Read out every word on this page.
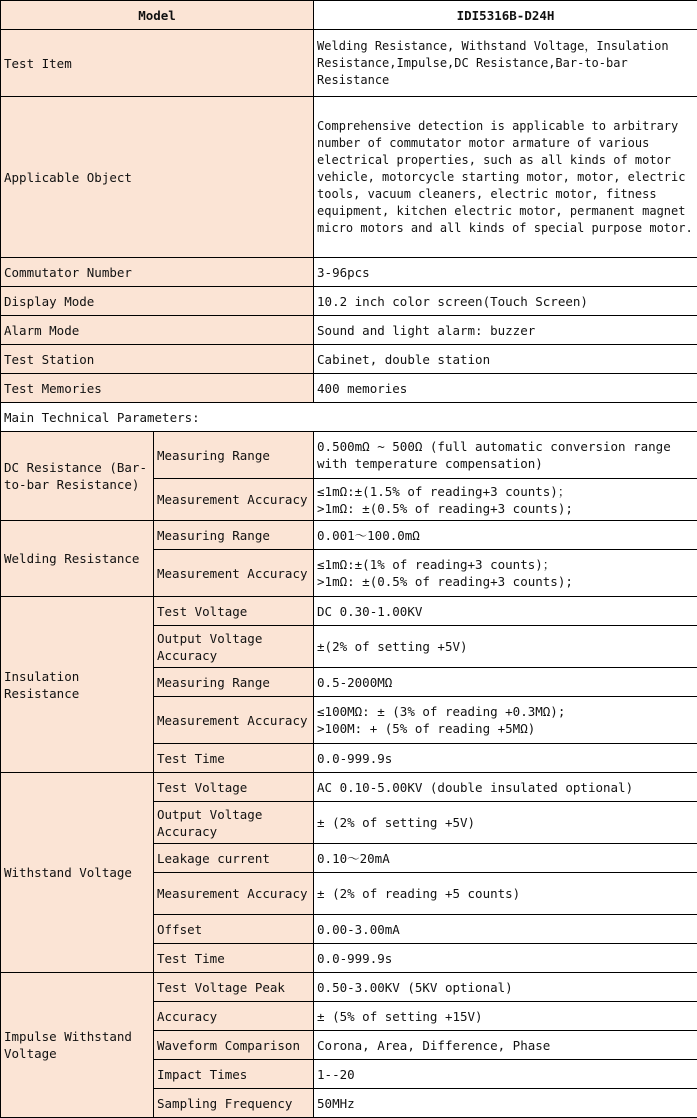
Model		IDI5316B-D24H
Test Item		Welding Resistance, Withstand Voltage，Insulation Resistance,Impulse,DC Resistance,Bar-to-bar Resistance
Applicable Object		Comprehensive detection is applicable to arbitrary number of commutator motor armature of various electrical properties, such as all kinds of motor vehicle, motorcycle starting motor, motor, electric tools, vacuum cleaners, electric motor, fitness equipment, kitchen electric motor, permanent magnet micro motors and all kinds of special purpose motor.
Commutator Number		3-96pcs
Display Mode		10.2 inch color screen(Touch Screen)
Alarm Mode		Sound and light alarm: buzzer
Test Station		Cabinet, double station
Test Memories		400 memories
Main Technical Parameters:		
DC Resistance (Bar-to-bar Resistance)	Measuring Range	0.500mΩ ~ 500Ω (full automatic conversion range with temperature compensation)
	Measurement Accuracy	≤1mΩ:±(1.5% of reading+3 counts)；
>1mΩ: ±(0.5% of reading+3 counts);
Welding Resistance	Measuring Range	0.001～100.0mΩ
	Measurement Accuracy	≤1mΩ:±(1% of reading+3 counts)；
>1mΩ: ±(0.5% of reading+3 counts);
Insulation Resistance	Test Voltage	DC 0.30-1.00KV
	Output Voltage Accuracy	±(2% of setting +5V)
	Measuring Range	0.5-2000MΩ
	Measurement Accuracy	≤100MΩ: ± (3% of reading +0.3MΩ);
>100M: + (5% of reading +5MΩ)
	Test Time	0.0-999.9s
Withstand Voltage	Test Voltage	AC 0.10-5.00KV (double insulated optional)
	Output Voltage Accuracy	± (2% of setting +5V)
	Leakage current	0.10～20mA
	Measurement Accuracy	± (2% of reading +5 counts)
	Offset	0.00-3.00mA
	Test Time	0.0-999.9s
Impulse Withstand Voltage	Test Voltage Peak	0.50-3.00KV (5KV optional)
	Accuracy	± (5% of setting +15V)
	Waveform Comparison	Corona, Area, Difference, Phase
	Impact Times	1--20
	Sampling Frequency	50MHz
